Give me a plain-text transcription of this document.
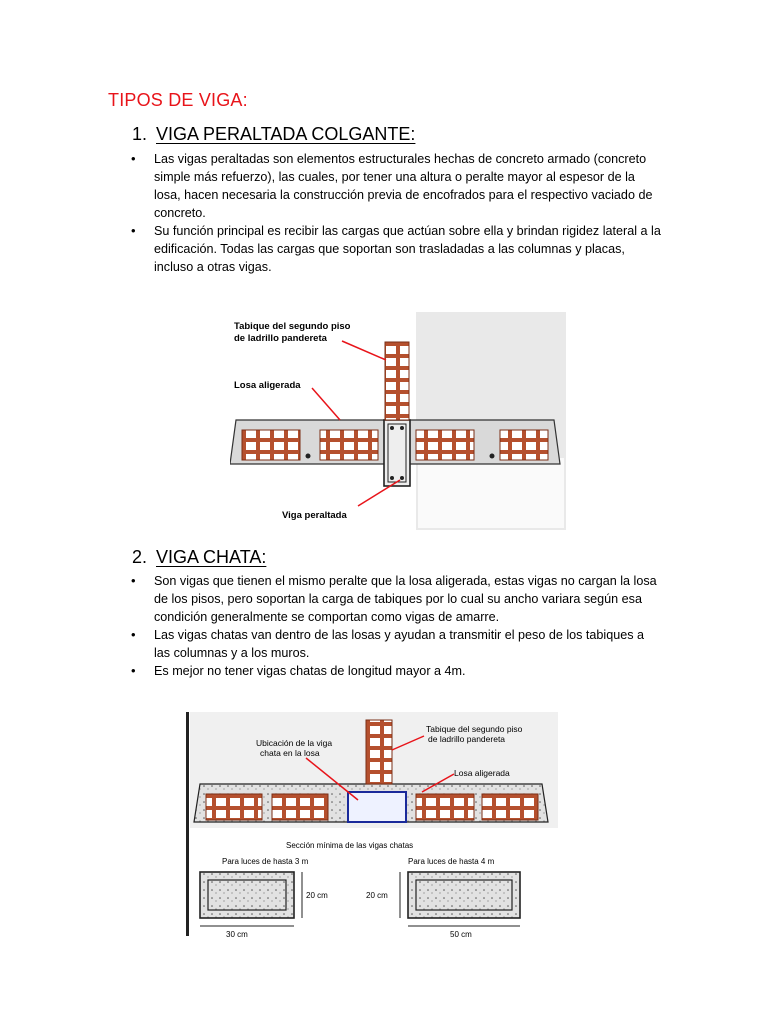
TIPOS DE VIGA:
1. VIGA PERALTADA COLGANTE:
• Las vigas peraltadas son elementos estructurales hechas de concreto armado (concreto simple más refuerzo), las cuales, por tener una altura o peralte mayor al espesor de la losa, hacen necesaria la construcción previa de encofrados para el respectivo vaciado de concreto.
• Su función principal es recibir las cargas que actúan sobre ella y brindan rigidez lateral a la edificación. Todas las cargas que soportan son trasladadas a las columnas y placas, incluso a otras vigas.
Tabique del segundo piso
de ladrillo pandereta
Losa aligerada
Viga peraltada
2. VIGA CHATA:
• Son vigas que tienen el mismo peralte que la losa aligerada, estas vigas no cargan la losa de los pisos, pero soportan la carga de tabiques por lo cual su ancho variara según esa condición generalmente se comportan como vigas de amarre.
• Las vigas chatas van dentro de las losas y ayudan a transmitir el peso de los tabiques a las columnas y a los muros.
• Es mejor no tener vigas chatas de longitud mayor a 4m.
Ubicación de la viga
chata en la losa
Tabique del segundo piso
de ladrillo pandereta
Losa aligerada
Sección mínima de las vigas chatas
Para luces de hasta 3 m	Para luces de hasta 4 m
20 cm
30 cm
20 cm
50 cm
